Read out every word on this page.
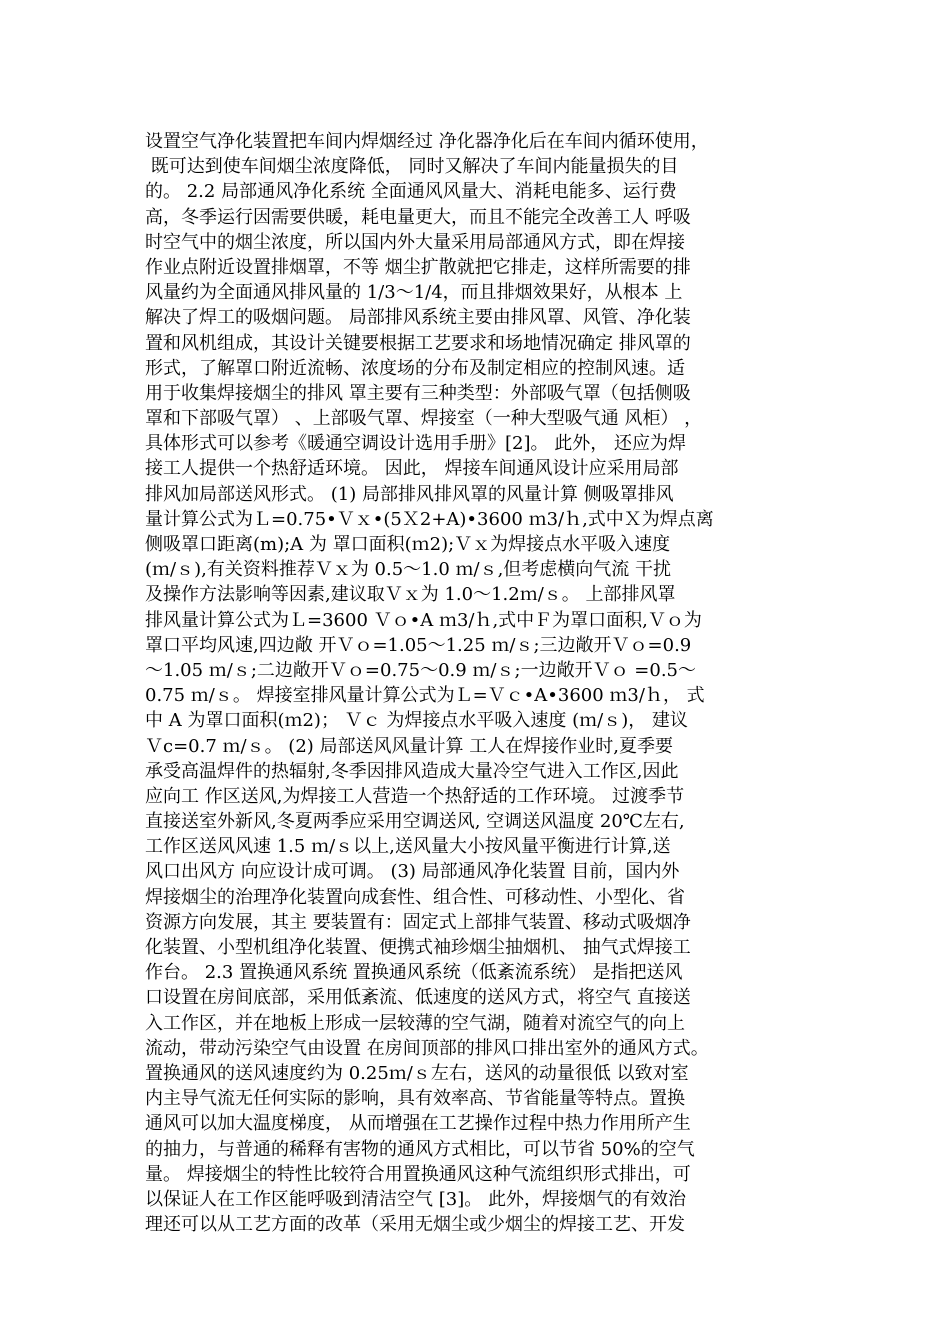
设置空气净化装置把车间内焊烟经过 净化器净化后在车间内循环使用，
既可达到使车间烟尘浓度降低， 同时又解决了车间内能量损失的目
的。 2.2 局部通风净化系统 全面通风风量大、消耗电能多、运行费
高，冬季运行因需要供暖，耗电量更大，而且不能完全改善工人 呼吸
时空气中的烟尘浓度，所以国内外大量采用局部通风方式，即在焊接
作业点附近设置排烟罩，不等 烟尘扩散就把它排走，这样所需要的排
风量约为全面通风排风量的 1/3～1/4，而且排烟效果好，从根本 上
解决了焊工的吸烟问题。 局部排风系统主要由排风罩、风管、净化装
置和风机组成，其设计关键要根据工艺要求和场地情况确定 排风罩的
形式，了解罩口附近流畅、浓度场的分布及制定相应的控制风速。适
用于收集焊接烟尘的排风 罩主要有三种类型：外部吸气罩（包括侧吸
罩和下部吸气罩） 、上部吸气罩、焊接室（一种大型吸气通 风柜） ，
具体形式可以参考《暖通空调设计选用手册》[2]。 此外， 还应为焊
接工人提供一个热舒适环境。 因此， 焊接车间通风设计应采用局部
排风加局部送风形式。 (1) 局部排风排风罩的风量计算 侧吸罩排风
量计算公式为Ｌ=0.75•Ｖｘ•(5Ｘ2+A)•3600 ｍ3/ｈ,式中Ｘ为焊点离
侧吸罩口距离(m);A 为 罩口面积(ｍ2);Ｖｘ为焊接点水平吸入速度
(ｍ/ｓ),有关资料推荐Ｖｘ为 0.5～1.0 ｍ/ｓ,但考虑横向气流 干扰
及操作方法影响等因素,建议取Ｖｘ为 1.0～1.2ｍ/ｓ。 上部排风罩
排风量计算公式为Ｌ=3600 Ｖｏ•A ｍ3/ｈ,式中Ｆ为罩口面积,Ｖｏ为
罩口平均风速,四边敞 开Ｖｏ=1.05～1.25 ｍ/ｓ;三边敞开Ｖｏ=0.9
～1.05 ｍ/ｓ;二边敞开Ｖｏ=0.75～0.9 ｍ/ｓ;一边敞开Ｖｏ =0.5～
0.75 ｍ/ｓ。 焊接室排风量计算公式为Ｌ=Ｖｃ•A•3600 ｍ3/ｈ， 式
中 A 为罩口面积(ｍ2)； Ｖｃ 为焊接点水平吸入速度 (ｍ/ｓ)， 建议
Ｖc=0.7 ｍ/ｓ。 (2) 局部送风风量计算 工人在焊接作业时,夏季要
承受高温焊件的热辐射,冬季因排风造成大量冷空气进入工作区,因此
应向工 作区送风,为焊接工人营造一个热舒适的工作环境。 过渡季节
直接送室外新风,冬夏两季应采用空调送风, 空调送风温度 20℃左右,
工作区送风风速 1.5 ｍ/ｓ以上,送风量大小按风量平衡进行计算,送
风口出风方 向应设计成可调。 (3) 局部通风净化装置 目前，国内外
焊接烟尘的治理净化装置向成套性、组合性、可移动性、小型化、省
资源方向发展，其主 要装置有：固定式上部排气装置、移动式吸烟净
化装置、小型机组净化装置、便携式袖珍烟尘抽烟机、 抽气式焊接工
作台。 2.3 置换通风系统 置换通风系统（低紊流系统） 是指把送风
口设置在房间底部，采用低紊流、低速度的送风方式，将空气 直接送
入工作区，并在地板上形成一层较薄的空气湖，随着对流空气的向上
流动，带动污染空气由设置 在房间顶部的排风口排出室外的通风方式。
置换通风的送风速度约为 0.25ｍ/ｓ左右，送风的动量很低 以致对室
内主导气流无任何实际的影响，具有效率高、节省能量等特点。置换
通风可以加大温度梯度， 从而增强在工艺操作过程中热力作用所产生
的抽力，与普通的稀释有害物的通风方式相比，可以节省 50%的空气
量。 焊接烟尘的特性比较符合用置换通风这种气流组织形式排出，可
以保证人在工作区能呼吸到清洁空气 [3]。 此外，焊接烟气的有效治
理还可以从工艺方面的改革（采用无烟尘或少烟尘的焊接工艺、开发
